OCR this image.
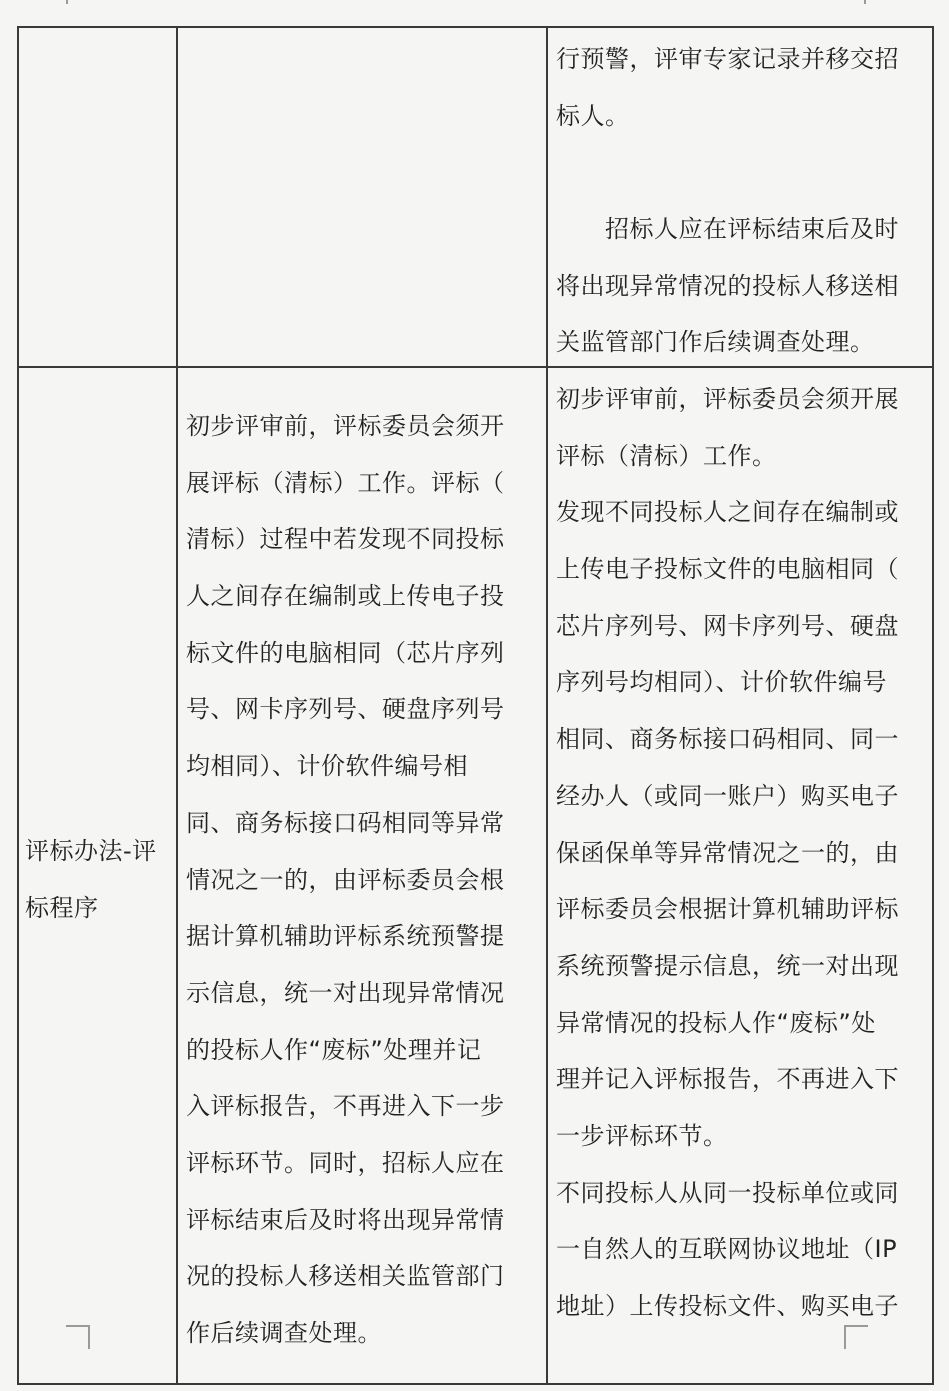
行预警，评审专家记录并移交招
标人。
　　招标人应在评标结束后及时
将出现异常情况的投标人移送相
关监管部门作后续调查处理。
评标办法-评
标程序
初步评审前，评标委员会须开
展评标（清标）工作。评标（
清标）过程中若发现不同投标
人之间存在编制或上传电子投
标文件的电脑相同（芯片序列
号、网卡序列号、硬盘序列号
均相同）、计价软件编号相
同、商务标接口码相同等异常
情况之一的，由评标委员会根
据计算机辅助评标系统预警提
示信息，统一对出现异常情况
的投标人作“废标”处理并记
入评标报告，不再进入下一步
评标环节。同时，招标人应在
评标结束后及时将出现异常情
况的投标人移送相关监管部门
作后续调查处理。
初步评审前，评标委员会须开展
评标（清标）工作。
发现不同投标人之间存在编制或
上传电子投标文件的电脑相同（
芯片序列号、网卡序列号、硬盘
序列号均相同）、计价软件编号
相同、商务标接口码相同、同一
经办人（或同一账户）购买电子
保函保单等异常情况之一的，由
评标委员会根据计算机辅助评标
系统预警提示信息，统一对出现
异常情况的投标人作“废标”处
理并记入评标报告，不再进入下
一步评标环节。
不同投标人从同一投标单位或同
一自然人的互联网协议地址（IP
地址）上传投标文件、购买电子
